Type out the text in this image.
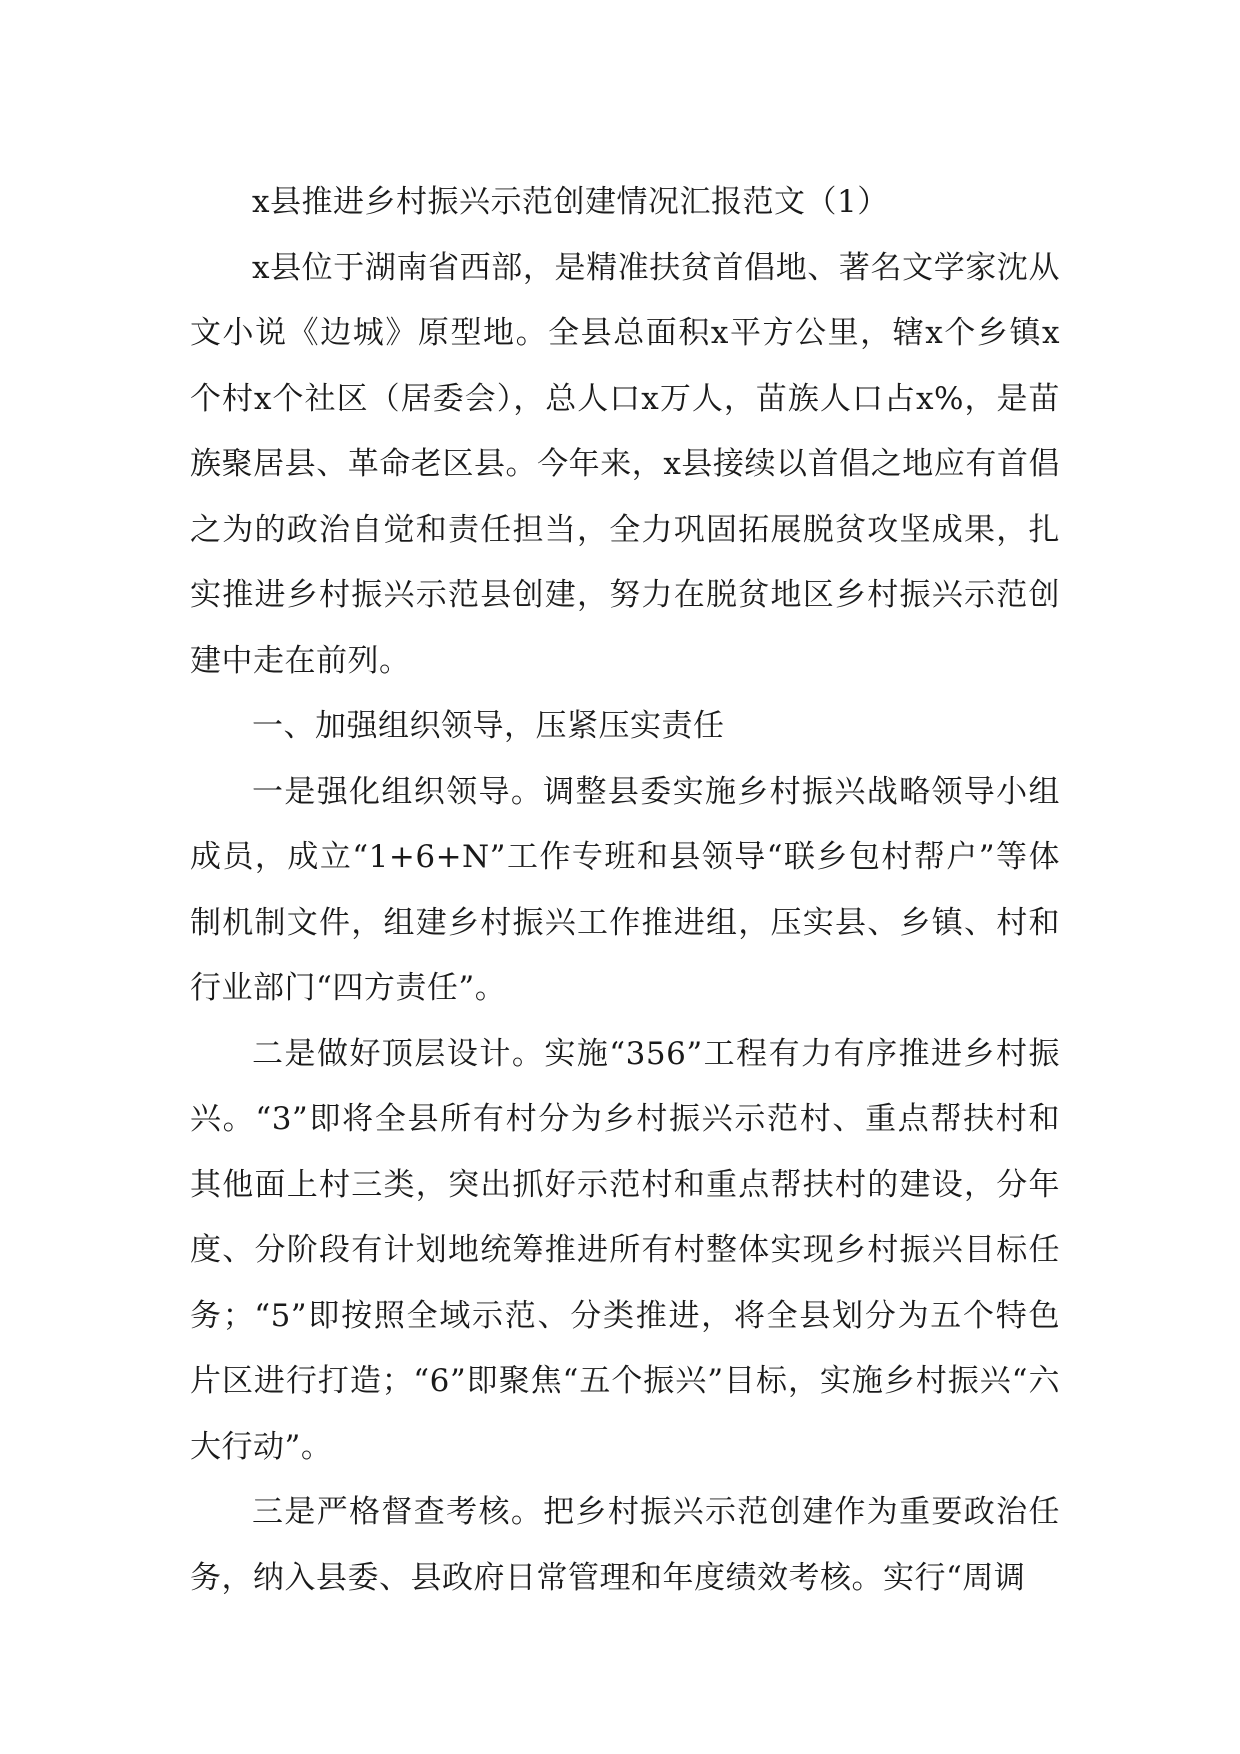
x县推进乡村振兴示范创建情况汇报范文（1）

x县位于湖南省西部，是精准扶贫首倡地、著名文学家沈从文小说《边城》原型地。全县总面积x平方公里，辖x个乡镇x个村x个社区（居委会），总人口x万人，苗族人口占x%，是苗族聚居县、革命老区县。今年来，x县接续以首倡之地应有首倡之为的政治自觉和责任担当，全力巩固拓展脱贫攻坚成果，扎实推进乡村振兴示范县创建，努力在脱贫地区乡村振兴示范创建中走在前列。

一、加强组织领导，压紧压实责任

一是强化组织领导。调整县委实施乡村振兴战略领导小组成员，成立“1+6+N”工作专班和县领导“联乡包村帮户”等体制机制文件，组建乡村振兴工作推进组，压实县、乡镇、村和行业部门“四方责任”。

二是做好顶层设计。实施“356”工程有力有序推进乡村振兴。“3”即将全县所有村分为乡村振兴示范村、重点帮扶村和其他面上村三类，突出抓好示范村和重点帮扶村的建设，分年度、分阶段有计划地统筹推进所有村整体实现乡村振兴目标任务；“5”即按照全域示范、分类推进，将全县划分为五个特色片区进行打造；“6”即聚焦“五个振兴”目标，实施乡村振兴“六大行动”。

三是严格督查考核。把乡村振兴示范创建作为重要政治任务，纳入县委、县政府日常管理和年度绩效考核。实行“周调
